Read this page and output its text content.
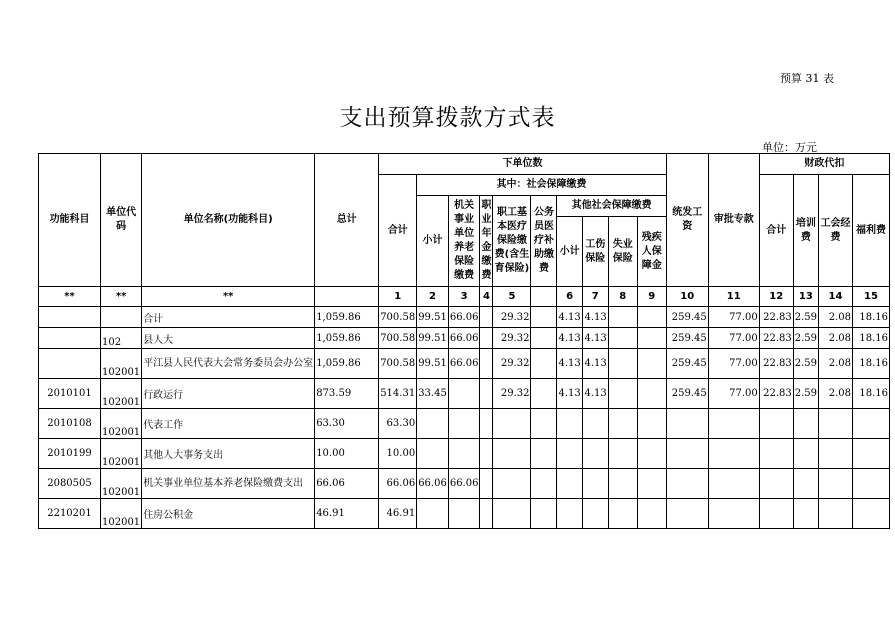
预算 31 表
支出预算拨款方式表
单位：万元
功能科目	单位代码	单位名称(功能科目)	总计	下单位数										统发工资	审批专款	财政代扣			
				合计	其中：社会保障缴费											合计	培训费	工会经费	福利费
					小计	机关事业单位养老保险缴费	职业年金缴费	职工基本医疗保险缴费(含生育保险)	公务员医疗补助缴费	其他社会保障缴费									
										小计	工伤保险	失业保险	残疾人保障金						
**	**	**		1	2	3	4	5		6	7	8	9	10	11	12	13	14	15
		合计	1,059.86	700.58	99.51	66.06		29.32		4.13	4.13			259.45	77.00	22.83	2.59	2.08	18.16
	102	县人大	1,059.86	700.58	99.51	66.06		29.32		4.13	4.13			259.45	77.00	22.83	2.59	2.08	18.16
	102001	平江县人民代表大会常务委员会办公室	1,059.86	700.58	99.51	66.06		29.32		4.13	4.13			259.45	77.00	22.83	2.59	2.08	18.16
2010101	102001	行政运行	873.59	514.31	33.45			29.32		4.13	4.13			259.45	77.00	22.83	2.59	2.08	18.16
2010108	102001	代表工作	63.30	63.30															
2010199	102001	其他人大事务支出	10.00	10.00															
2080505	102001	机关事业单位基本养老保险缴费支出	66.06	66.06	66.06	66.06													
2210201	102001	住房公积金	46.91	46.91															
